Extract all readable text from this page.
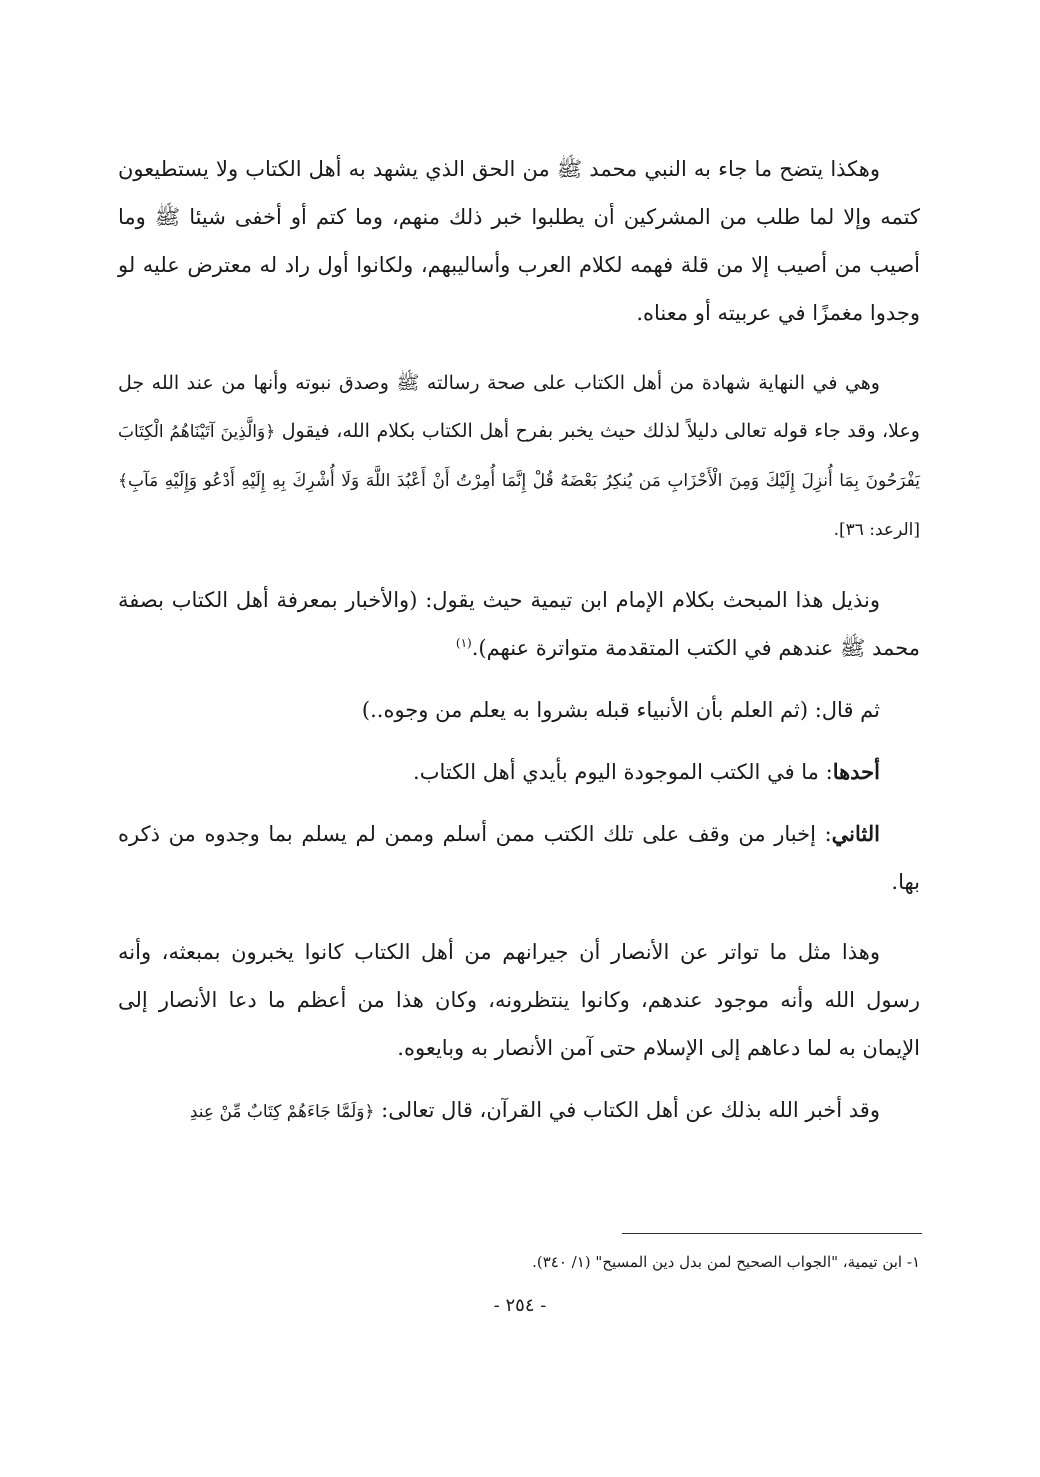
وهكذا يتضح ما جاء به النبي محمد ﷺ من الحق الذي يشهد به أهل الكتاب ولا يستطيعون كتمه وإلا لما طلب من المشركين أن يطلبوا خبر ذلك منهم، وما كتم أو أخفى شيئا ﷺ وما أصيب من أصيب إلا من قلة فهمه لكلام العرب وأساليبهم، ولكانوا أول راد له معترض عليه لو وجدوا مغمزًا في عربيته أو معناه.

وهي في النهاية شهادة من أهل الكتاب على صحة رسالته ﷺ وصدق نبوته وأنها من عند الله جل وعلا، وقد جاء قوله تعالى دليلاً لذلك حيث يخبر بفرح أهل الكتاب بكلام الله، فيقول ﴿وَالَّذِينَ آتَيْنَاهُمُ الْكِتَابَ يَفْرَحُونَ بِمَا أُنزِلَ إِلَيْكَ وَمِنَ الْأَحْزَابِ مَن يُنكِرُ بَعْضَهُ قُلْ إِنَّمَا أُمِرْتُ أَنْ أَعْبُدَ اللَّهَ وَلَا أُشْرِكَ بِهِ إِلَيْهِ أَدْعُو وَإِلَيْهِ مَآبِ﴾ [الرعد: ٣٦].

ونذيل هذا المبحث بكلام الإمام ابن تيمية حيث يقول: (والأخبار بمعرفة أهل الكتاب بصفة محمد ﷺ عندهم في الكتب المتقدمة متواترة عنهم).$^{(١)}$

ثم قال: (ثم العلم بأن الأنبياء قبله بشروا به يعلم من وجوه..)

أحدها: ما في الكتب الموجودة اليوم بأيدي أهل الكتاب.

الثاني: إخبار من وقف على تلك الكتب ممن أسلم وممن لم يسلم بما وجدوه من ذكره بها.

وهذا مثل ما تواتر عن الأنصار أن جيرانهم من أهل الكتاب كانوا يخبرون بمبعثه، وأنه رسول الله وأنه موجود عندهم، وكانوا ينتظرونه، وكان هذا من أعظم ما دعا الأنصار إلى الإيمان به لما دعاهم إلى الإسلام حتى آمن الأنصار به وبايعوه.

وقد أخبر الله بذلك عن أهل الكتاب في القرآن، قال تعالى: ﴿وَلَمَّا جَاءَهُمْ كِتَابٌ مِّنْ عِندِ

١- ابن تيمية، "الجواب الصحيح لمن بدل دين المسيح" (١/ ٣٤٠).
- ٢٥٤ -
